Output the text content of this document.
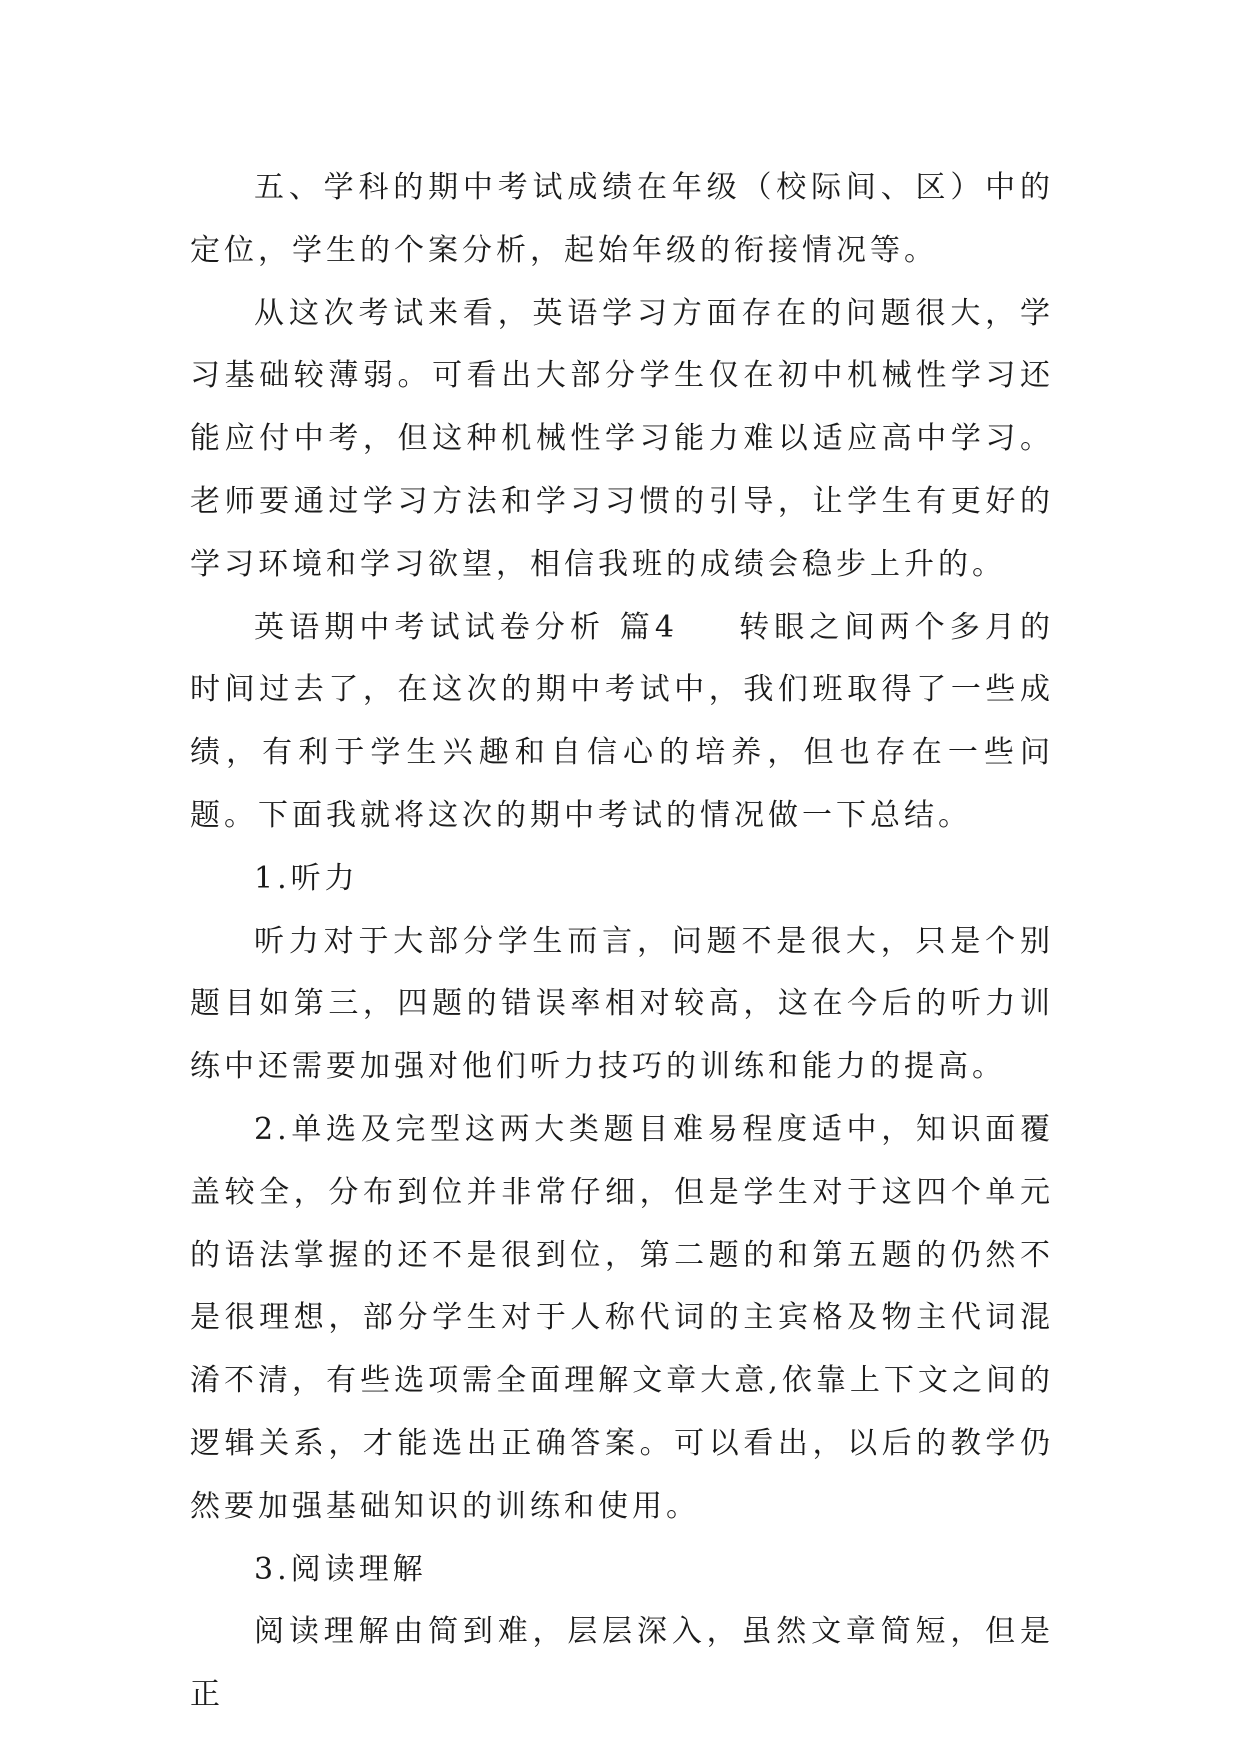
五、学科的期中考试成绩在年级（校际间、区）中的定位，学生的个案分析，起始年级的衔接情况等。

从这次考试来看，英语学习方面存在的问题很大，学习基础较薄弱。可看出大部分学生仅在初中机械性学习还能应付中考，但这种机械性学习能力难以适应高中学习。老师要通过学习方法和学习习惯的引导，让学生有更好的学习环境和学习欲望，相信我班的成绩会稳步上升的。

英语期中考试试卷分析 篇4 转眼之间两个多月的时间过去了，在这次的期中考试中，我们班取得了一些成绩，有利于学生兴趣和自信心的培养，但也存在一些问题。下面我就将这次的期中考试的情况做一下总结。

1.听力

听力对于大部分学生而言，问题不是很大，只是个别题目如第三，四题的错误率相对较高，这在今后的听力训练中还需要加强对他们听力技巧的训练和能力的提高。

2.单选及完型这两大类题目难易程度适中，知识面覆盖较全，分布到位并非常仔细，但是学生对于这四个单元的语法掌握的还不是很到位，第二题的和第五题的仍然不是很理想，部分学生对于人称代词的主宾格及物主代词混淆不清，有些选项需全面理解文章大意,依靠上下文之间的逻辑关系，才能选出正确答案。可以看出，以后的教学仍然要加强基础知识的训练和使用。

3.阅读理解

阅读理解由简到难，层层深入，虽然文章简短，但是正
